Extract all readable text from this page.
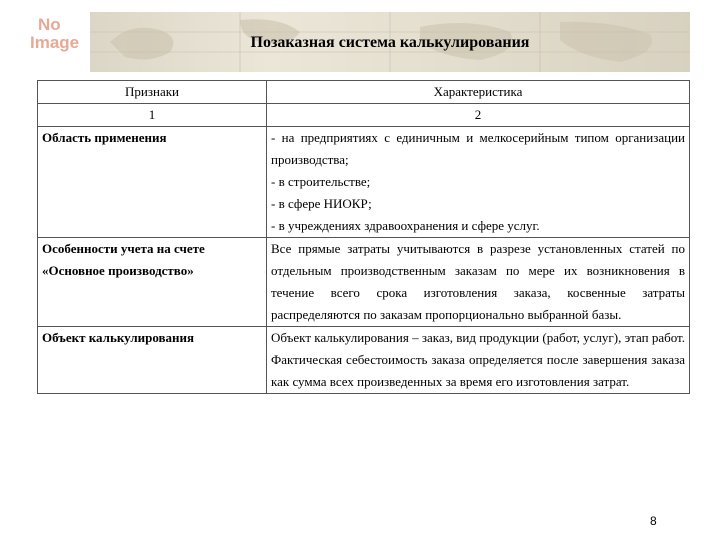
No
Image	Позаказная система калькулирования
Признаки	Характеристика
1	2
Область применения	- на предприятиях с единичным и мелкосерийным типом организации производства;
- в строительстве;
- в сфере НИОКР;
- в учреждениях здравоохранения и сфере услуг.

Особенности учета на счете «Основное производство»	Все прямые затраты учитываются в разрезе установленных статей по отдельным производственным заказам по мере их возникновения в течение всего срока изготовления заказа, косвенные затраты распределяются по заказам пропорционально выбранной базы.

Объект калькулирования	Объект калькулирования – заказ, вид продукции (работ, услуг), этап работ. Фактическая себестоимость заказа определяется после завершения заказа как сумма всех произведенных за время его изготовления затрат.
8
